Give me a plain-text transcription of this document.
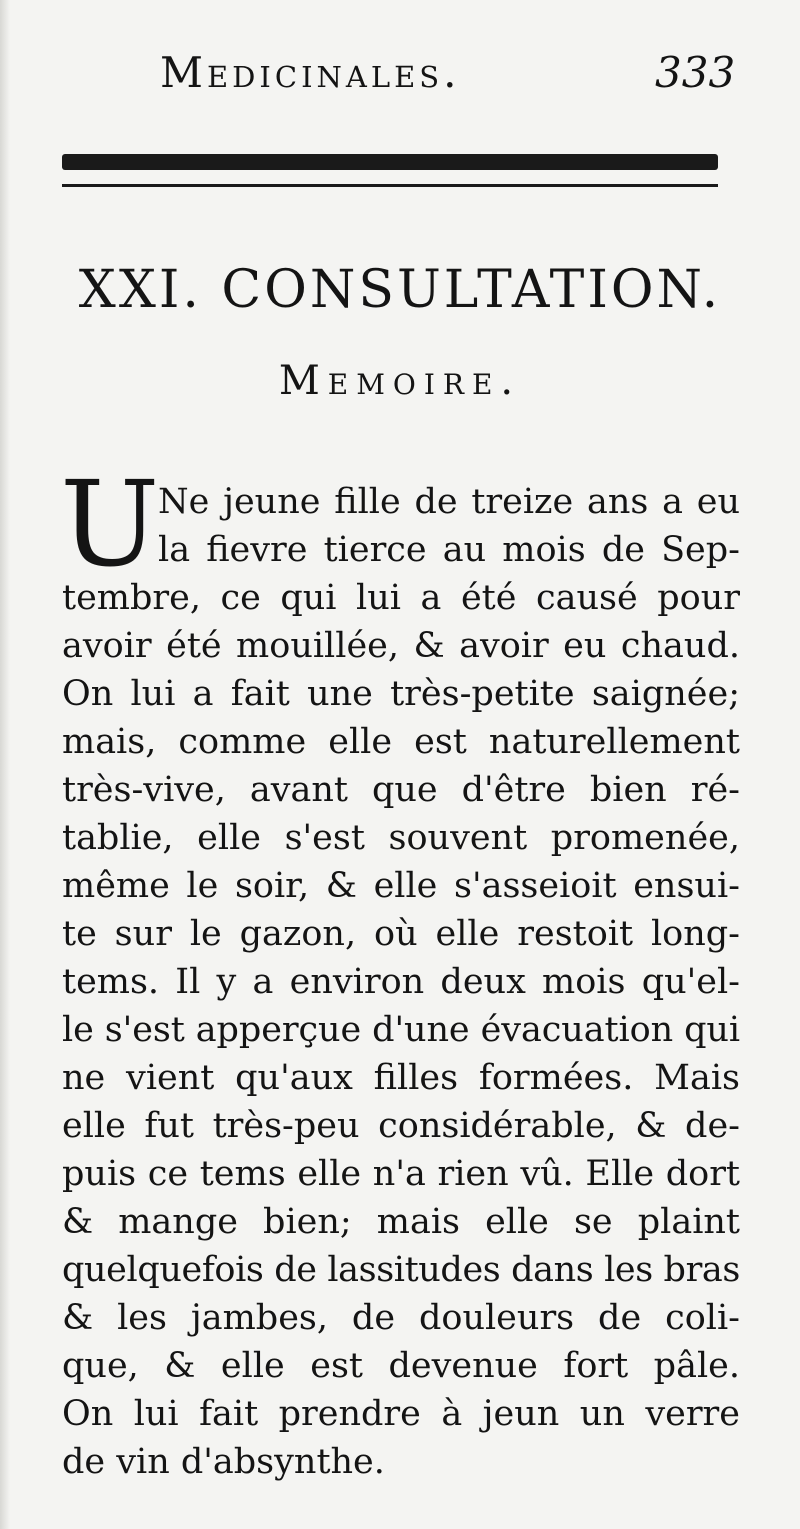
Medicinales.	333
XXI. CONSULTATION.
Memoire.
U
Ne jeune fille de treize ans a eu
la fievre tierce au mois de Sep-
tembre, ce qui lui a été causé pour
avoir été mouillée, & avoir eu chaud.
On lui a fait une très-petite saignée;
mais, comme elle est naturellement
très-vive, avant que d'être bien ré-
tablie, elle s'est souvent promenée,
même le soir, & elle s'asseioit ensui-
te sur le gazon, où elle restoit long-
tems. Il y a environ deux mois qu'el-
le s'est apperçue d'une évacuation qui
ne vient qu'aux filles formées. Mais
elle fut très-peu considérable, & de-
puis ce tems elle n'a rien vû. Elle dort
& mange bien; mais elle se plaint
quelquefois de lassitudes dans les bras
& les jambes, de douleurs de coli-
que, & elle est devenue fort pâle.
On lui fait prendre à jeun un verre
de vin d'absynthe.
